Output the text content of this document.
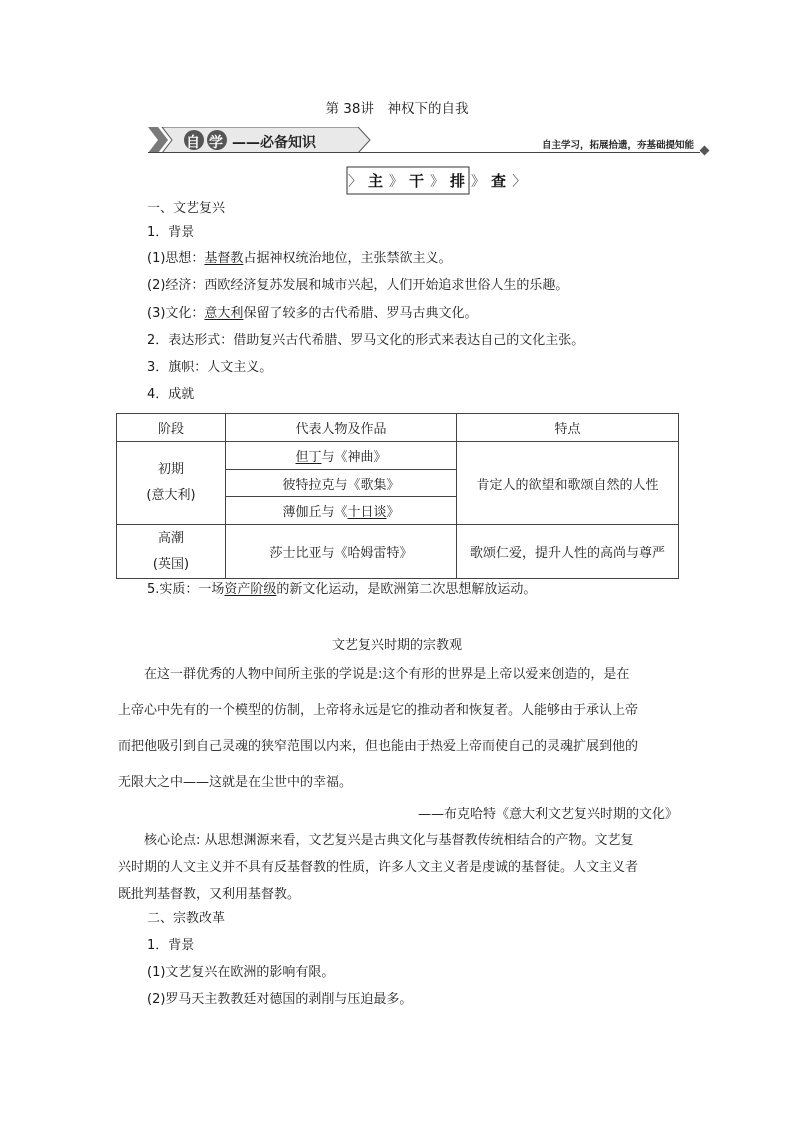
第 38讲　神权下的自我
自 学 ——必备知识	自主学习，拓展拾遗，夯基础提知能
〉 主 》 干 》 排 》 查 〉
一、文艺复兴
1．背景
(1)思想：基督教占据神权统治地位，主张禁欲主义。
(2)经济：西欧经济复苏发展和城市兴起，人们开始追求世俗人生的乐趣。
(3)文化：意大利保留了较多的古代希腊、罗马古典文化。
2．表达形式：借助复兴古代希腊、罗马文化的形式来表达自己的文化主张。
3．旗帜：人文主义。
4．成就
阶段	代表人物及作品	特点

初期
(意大利)	但丁与《神曲》	肯定人的欲望和歌颂自然的人性
	彼特拉克与《歌集》	
	薄伽丘与《十日谈》	

高潮
(英国)	莎士比亚与《哈姆雷特》	歌颂仁爱，提升人性的高尚与尊严
5.实质：一场资产阶级的新文化运动，是欧洲第二次思想解放运动。
文艺复兴时期的宗教观
在这一群优秀的人物中间所主张的学说是:这个有形的世界是上帝以爱来创造的，是在
上帝心中先有的一个模型的仿制，上帝将永远是它的推动者和恢复者。人能够由于承认上帝
而把他吸引到自己灵魂的狭窄范围以内来，但也能由于热爱上帝而使自己的灵魂扩展到他的
无限大之中——这就是在尘世中的幸福。
——布克哈特《意大利文艺复兴时期的文化》
核心论点: 从思想渊源来看，文艺复兴是古典文化与基督教传统相结合的产物。文艺复
兴时期的人文主义并不具有反基督教的性质，许多人文主义者是虔诚的基督徒。人文主义者
既批判基督教，又利用基督教。
二、宗教改革
1．背景
(1)文艺复兴在欧洲的影响有限。
(2)罗马天主教教廷对德国的剥削与压迫最多。
